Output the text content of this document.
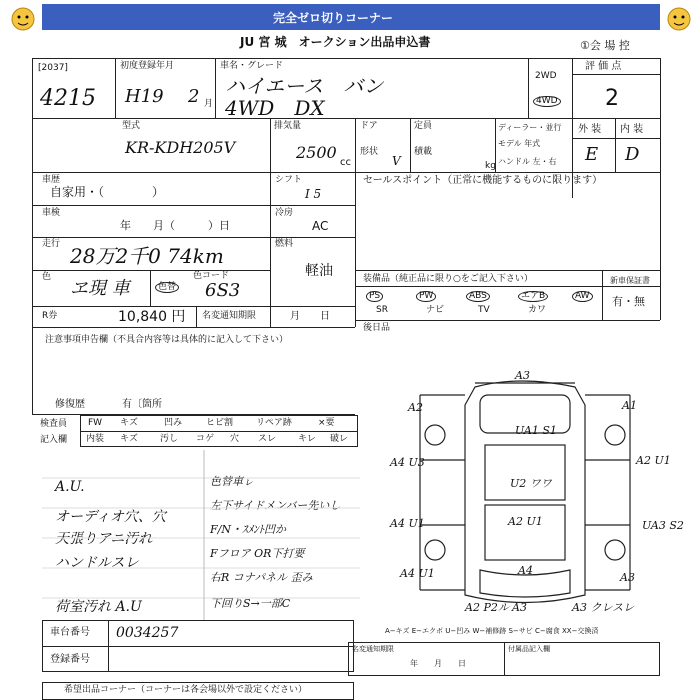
完全ゼロ切りコーナー
JU 宮 城　オークション出品申込書	①会 場 控
[2037]
4215
初度登録年月
H19 2 月
車名・グレード
ハイエース　バン
4WD　DX
2WD
4WD
評 価 点
2
型式
KR-KDH205V
排気量
2500
cc
ドア
形状
V
定員
積載
kg
ディーラー・並行
モデル 年式
ハンドル 左・右
外 装 内 装
E D
車歴
自家用・（　　　　）
シフト
I 5
車検
年　　月（　　　）日
冷房
AC
走行 28万2千0 74km	燃料
軽油
色
ヱ現 車	色替
色コード
6S3
R券	10,840 円 名変通知期限	月　　日
セールスポイント（正常に機能するものに限ります）
装備品（純正品に限り○をご記入下さい）	新車保証書
有・無
PS	PW	ABS	エアB	AW
SR	ナビ	TV	カワ
後日品
注意事項申告欄（不具合内容等は具体的に記入して下さい）
修復歴	有〔箇所
検査員
記入欄
FW キズ	凹み	ヒビ割	リペア跡	×要
内装 キズ 汚し コゲ 穴 スレ キレ 破レ
A.U.
オーディオ穴、穴
天張りアニ汚れ
ハンドルスレ
荷室汚れ A.U
色替車ㇾ
左下サイドメンバー先いし
F/N・ｽﾒﾝﾄ凹か
Fフロア OR下打要
右R コナパネル 歪み
下回りS→一部C
A3
A2	A1
UA1 S1
A4 U3	A2 U1
U2 ワワ
A2 U1
A4 U1	UA3 S2
A3
A4
A4 U1
A2 P2ル A3	A3 クレスレ
A−キズ E−エクボ U−凹み W−補修跡 S−サビ C−腐食 XX−交換済
車台番号 0034257
登録番号
名変通知期限
年　　月　　日
付属品記入欄
希望出品コーナー（コーナーは各会場以外で設定ください）
